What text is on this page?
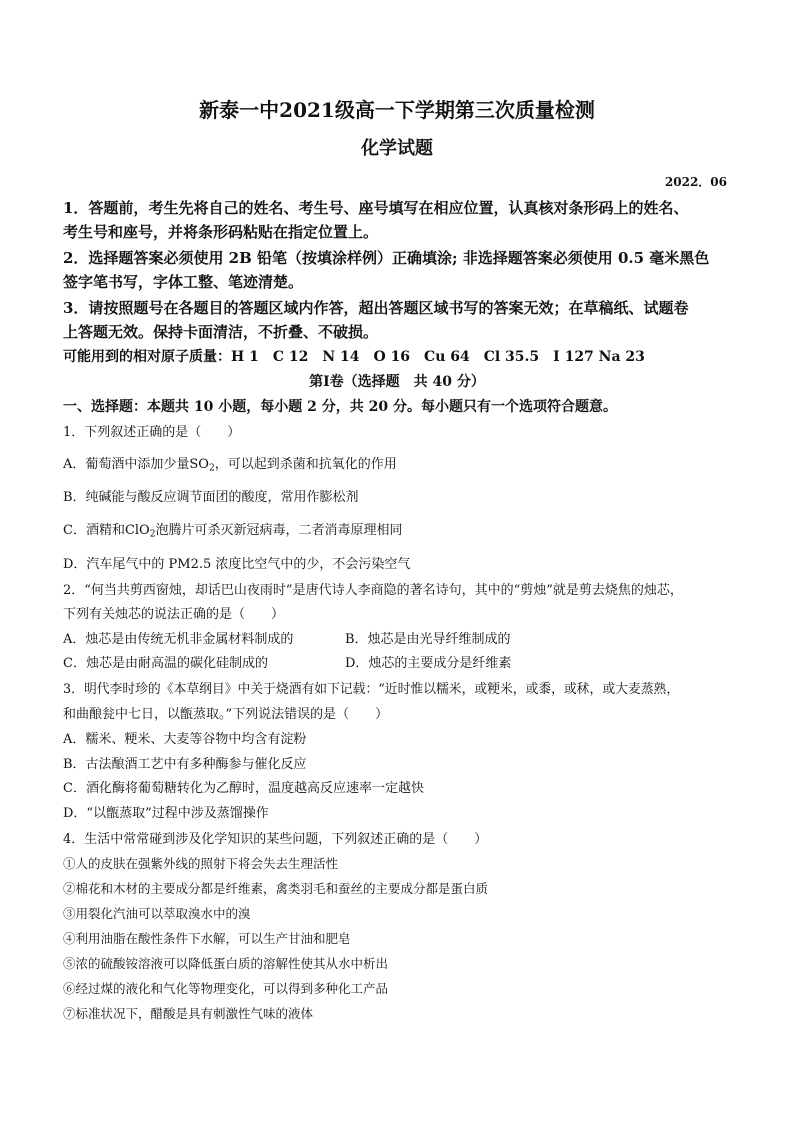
新泰一中2021级高一下学期第三次质量检测
化学试题
2022．06
1．答题前，考生先将自己的姓名、考生号、座号填写在相应位置，认真核对条形码上的姓名、
考生号和座号，并将条形码粘贴在指定位置上。
2．选择题答案必须使用 2B 铅笔（按填涂样例）正确填涂; 非选择题答案必须使用 0.5 毫米黑色
签字笔书写，字体工整、笔迹清楚。
3．请按照题号在各题目的答题区域内作答，超出答题区域书写的答案无效；在草稿纸、试题卷
上答题无效。保持卡面清洁，不折叠、不破损。
可能用到的相对原子质量：H 1　C 12　N 14　O 16　Cu 64　Cl 35.5　I 127 Na 23
第Ⅰ卷（选择题　共 40 分）
一、选择题：本题共 10 小题，每小题 2 分，共 20 分。每小题只有一个选项符合题意。
1．下列叙述正确的是（　　）
A．葡萄酒中添加少量$SO_2$，可以起到杀菌和抗氧化的作用
B．纯碱能与酸反应调节面团的酸度，常用作膨松剂
C．酒精和ClO$_2$泡腾片可杀灭新冠病毒，二者消毒原理相同
D．汽车尾气中的 PM2.5 浓度比空气中的少，不会污染空气
2．“何当共剪西窗烛，却话巴山夜雨时”是唐代诗人李商隐的著名诗句，其中的“剪烛”就是剪去烧焦的烛芯，
下列有关烛芯的说法正确的是（　　）
A．烛芯是由传统无机非金属材料制成的	B．烛芯是由光导纤维制成的
C．烛芯是由耐高温的碳化硅制成的	D．烛芯的主要成分是纤维素
3．明代李时珍的《本草纲目》中关于烧酒有如下记载：“近时惟以糯米，或粳米，或黍，或秫，或大麦蒸熟，
和曲酿瓮中七日，以甑蒸取。”下列说法错误的是（　　）
A．糯米、粳米、大麦等谷物中均含有淀粉
B．古法酿酒工艺中有多种酶参与催化反应
C．酒化酶将葡萄糖转化为乙醇时，温度越高反应速率一定越快
D．“以甑蒸取”过程中涉及蒸馏操作
4．生活中常常碰到涉及化学知识的某些问题，下列叙述正确的是（　　）
①人的皮肤在强紫外线的照射下将会失去生理活性
②棉花和木材的主要成分都是纤维素，禽类羽毛和蚕丝的主要成分都是蛋白质
③用裂化汽油可以萃取溴水中的溴
④利用油脂在酸性条件下水解，可以生产甘油和肥皂
⑤浓的硫酸铵溶液可以降低蛋白质的溶解性使其从水中析出
⑥经过煤的液化和气化等物理变化，可以得到多种化工产品
⑦标准状况下，醋酸是具有刺激性气味的液体
